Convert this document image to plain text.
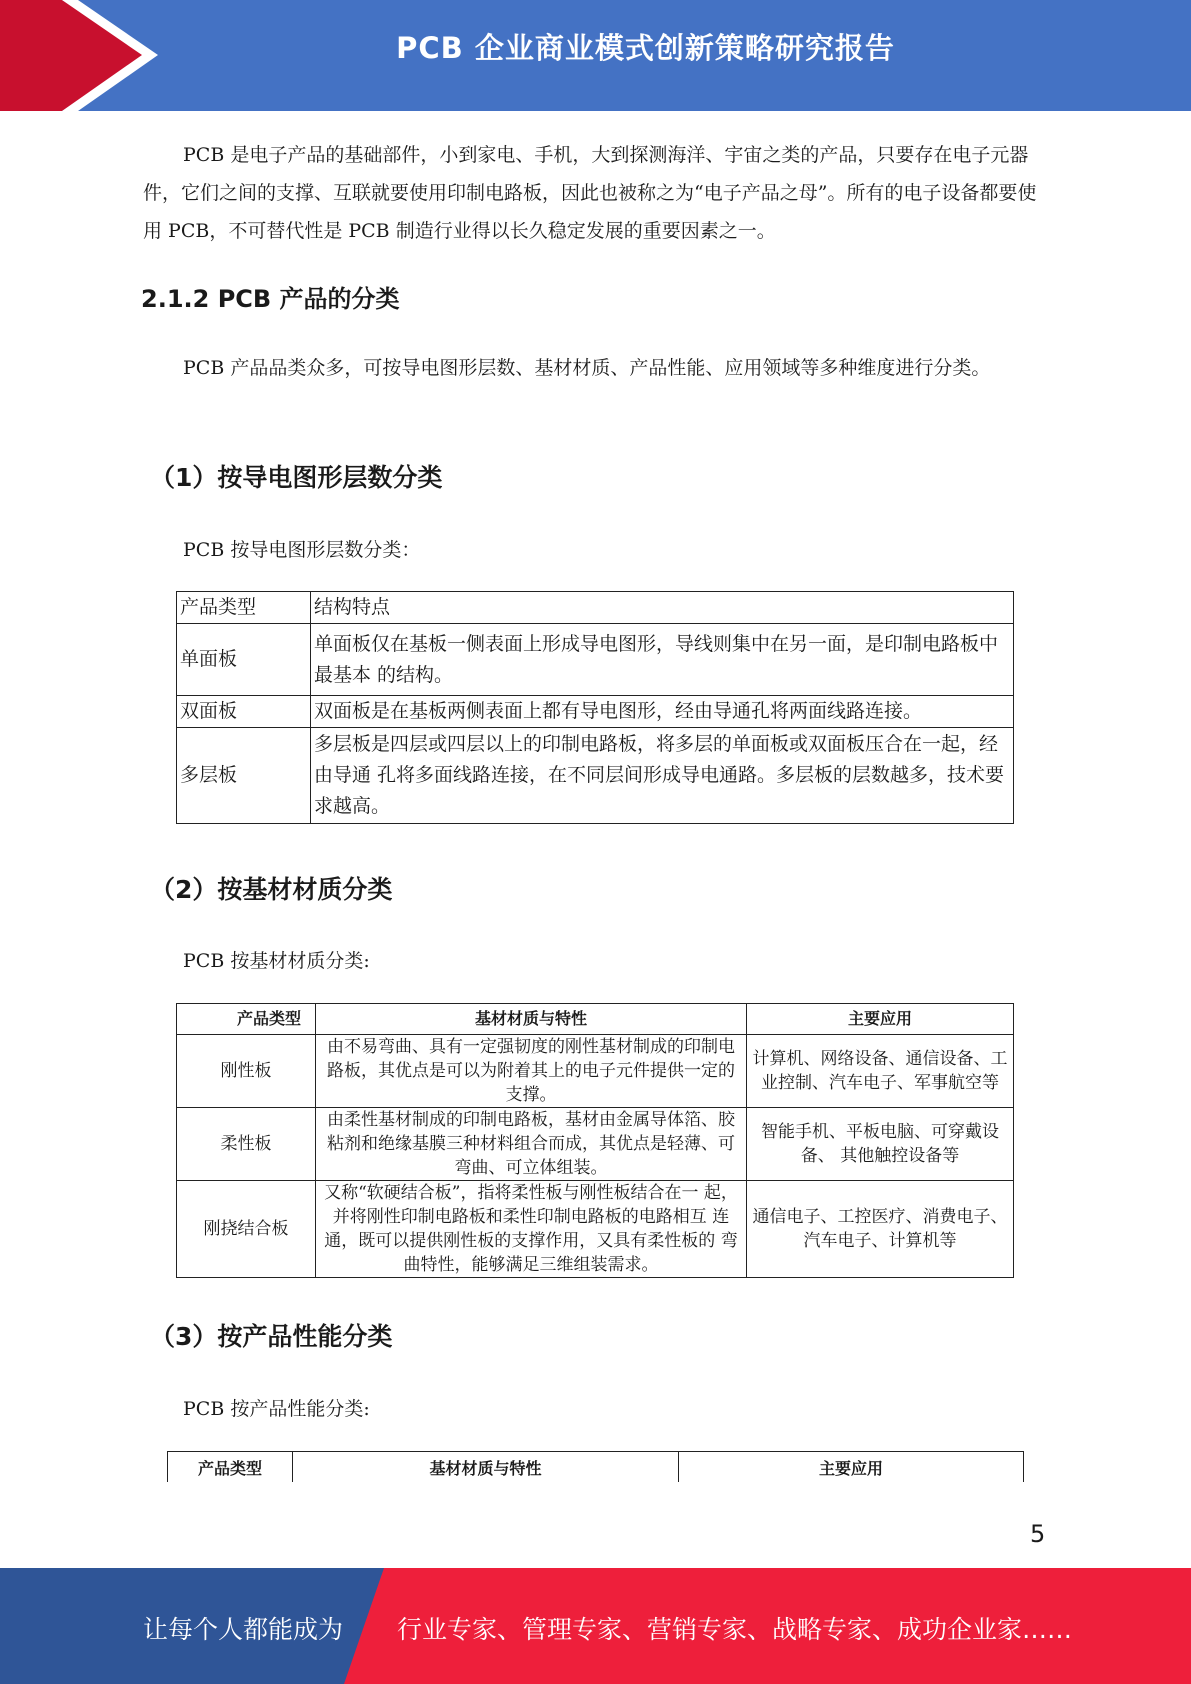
PCB 企业商业模式创新策略研究报告

PCB 是电子产品的基础部件，小到家电、手机，大到探测海洋、宇宙之类的产品，只要存在电子元器件，它们之间的支撑、互联就要使用印制电路板，因此也被称之为“电子产品之母”。所有的电子设备都要使用 PCB，不可替代性是 PCB 制造行业得以长久稳定发展的重要因素之一。

2.1.2 PCB 产品的分类

PCB 产品品类众多，可按导电图形层数、基材材质、产品性能、应用领域等多种维度进行分类。

（1）按导电图形层数分类

PCB 按导电图形层数分类：

产品类型	结构特点
单面板	单面板仅在基板一侧表面上形成导电图形，导线则集中在另一面，是印制电路板中最基本 的结构。
双面板	双面板是在基板两侧表面上都有导电图形，经由导通孔将两面线路连接。
多层板	多层板是四层或四层以上的印制电路板，将多层的单面板或双面板压合在一起，经由导通 孔将多面线路连接，在不同层间形成导电通路。多层板的层数越多，技术要求越高。
（2）按基材材质分类

PCB 按基材材质分类:

产品类型	基材材质与特性	主要应用
刚性板	由不易弯曲、具有一定强韧度的刚性基材制成的印制电 路板，其优点是可以为附着其上的电子元件提供一定的 支撑。	计算机、网络设备、通信设备、工 业控制、汽车电子、军事航空等
柔性板	由柔性基材制成的印制电路板，基材由金属导体箔、胶 粘剂和绝缘基膜三种材料组合而成，其优点是轻薄、可 弯曲、可立体组装。	智能手机、平板电脑、可穿戴设备、 其他触控设备等
刚挠结合板	又称“软硬结合板”，指将柔性板与刚性板结合在一 起，并将刚性印制电路板和柔性印制电路板的电路相互 连通，既可以提供刚性板的支撑作用，又具有柔性板的 弯曲特性，能够满足三维组装需求。	通信电子、工控医疗、消费电子、 汽车电子、计算机等
（3）按产品性能分类

PCB 按产品性能分类:

产品类型	基材材质与特性	主要应用
5
让每个人都能成为 行业专家、管理专家、营销专家、战略专家、成功企业家……
